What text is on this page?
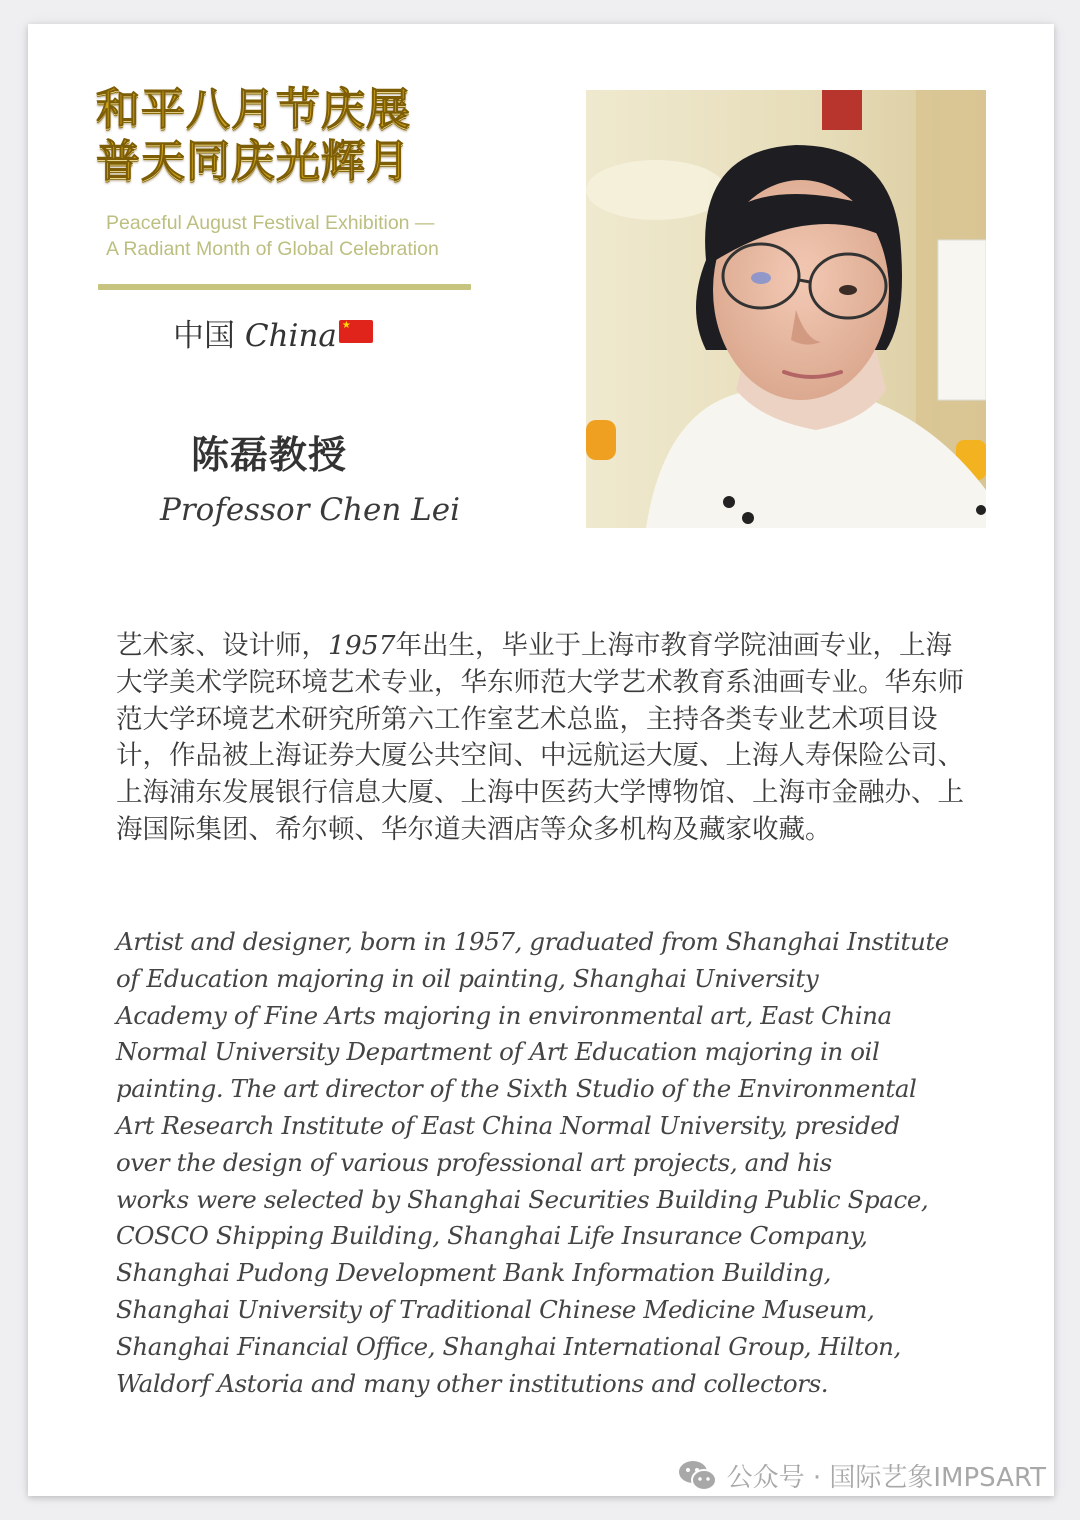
和平八月节庆展
普天同庆光辉月
Peaceful August Festival Exhibition —
A Radiant Month of Global Celebration
中国 China ★
陈磊教授
Professor Chen Lei
艺术家、设计师，1957年出生，毕业于上海市教育学院油画专业，上海大学美术学院环境艺术专业，华东师范大学艺术教育系油画专业。华东师范大学环境艺术研究所第六工作室艺术总监，主持各类专业艺术项目设计，作品被上海证券大厦公共空间、中远航运大厦、上海人寿保险公司、上海浦东发展银行信息大厦、上海中医药大学博物馆、上海市金融办、上海国际集团、希尔顿、华尔道夫酒店等众多机构及藏家收藏。
Artist and designer, born in 1957, graduated from Shanghai Institute
of Education majoring in oil painting, Shanghai University
Academy of Fine Arts majoring in environmental art, East China
Normal University Department of Art Education majoring in oil
painting. The art director of the Sixth Studio of the Environmental
Art Research Institute of East China Normal University, presided
over the design of various professional art projects, and his
works were selected by Shanghai Securities Building Public Space,
COSCO Shipping Building, Shanghai Life Insurance Company,
Shanghai Pudong Development Bank Information Building,
Shanghai University of Traditional Chinese Medicine Museum,
Shanghai Financial Office, Shanghai International Group, Hilton,
Waldorf Astoria and many other institutions and collectors.
公众号 · 国际艺象IMPSART
